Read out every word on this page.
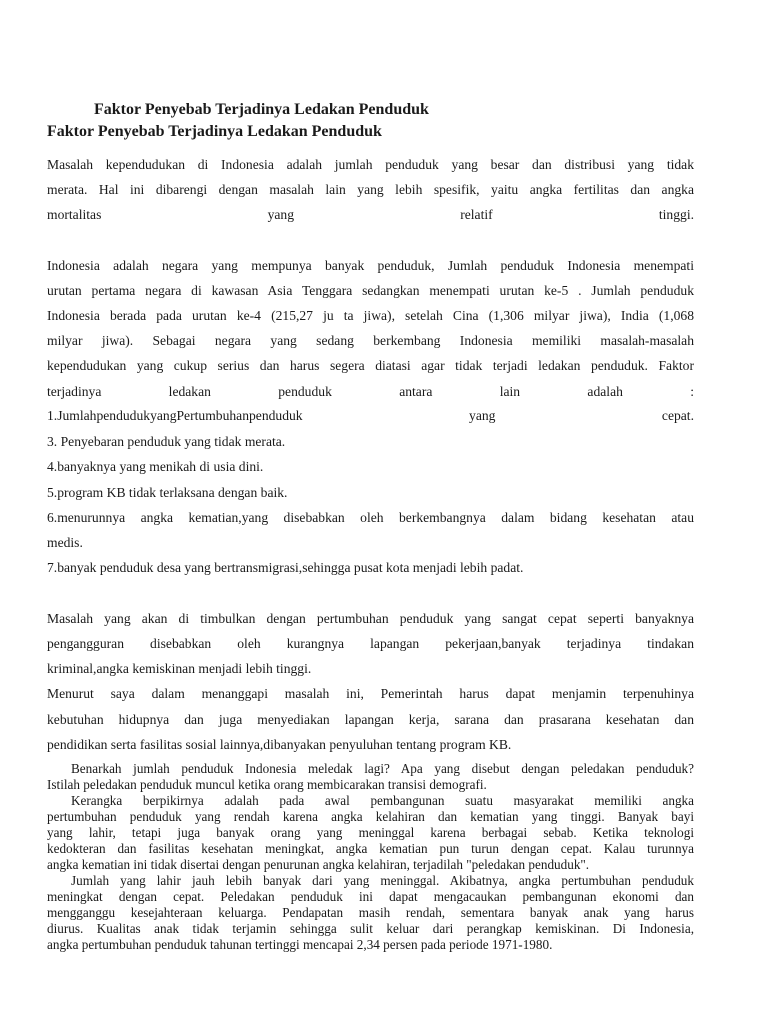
Faktor Penyebab Terjadinya Ledakan Penduduk
Faktor Penyebab Terjadinya Ledakan Penduduk

Masalah kependudukan di Indonesia adalah jumlah penduduk yang besar dan distribusi yang tidak

merata. Hal ini dibarengi dengan masalah lain yang lebih spesifik, yaitu angka fertilitas dan angka

mortalitas yang relatif tinggi.

Indonesia adalah negara yang mempunya banyak penduduk, Jumlah penduduk Indonesia menempati

urutan pertama negara di kawasan Asia Tenggara sedangkan menempati urutan ke-5 . Jumlah penduduk

Indonesia berada pada urutan ke-4 (215,27 ju ta jiwa), setelah Cina (1,306 milyar jiwa), India (1,068

milyar jiwa). Sebagai negara yang sedang berkembang Indonesia memiliki masalah-masalah

kependudukan yang cukup serius dan harus segera diatasi agar tidak terjadi ledakan penduduk. Faktor

terjadinya ledakan penduduk antara lain adalah :

1.JumlahpendudukyangPertumbuhanpenduduk yang cepat.

3. Penyebaran penduduk yang tidak merata.

4.banyaknya yang menikah di usia dini.

5.program KB tidak terlaksana dengan baik.

6.menurunnya angka kematian,yang disebabkan oleh berkembangnya dalam bidang kesehatan atau

medis.

7.banyak penduduk desa yang bertransmigrasi,sehingga pusat kota menjadi lebih padat.

Masalah yang akan di timbulkan dengan pertumbuhan penduduk yang sangat cepat seperti banyaknya

pengangguran disebabkan oleh kurangnya lapangan pekerjaan,banyak terjadinya tindakan

kriminal,angka kemiskinan menjadi lebih tinggi.

Menurut saya dalam menanggapi masalah ini, Pemerintah harus dapat menjamin terpenuhinya

kebutuhan hidupnya dan juga menyediakan lapangan kerja, sarana dan prasarana kesehatan dan

pendidikan serta fasilitas sosial lainnya,dibanyakan penyuluhan tentang program KB.

Benarkah jumlah penduduk Indonesia meledak lagi? Apa yang disebut dengan peledakan penduduk?
Istilah peledakan penduduk muncul ketika orang membicarakan transisi demografi.
Kerangka berpikirnya adalah pada awal pembangunan suatu masyarakat memiliki angka
pertumbuhan penduduk yang rendah karena angka kelahiran dan kematian yang tinggi. Banyak bayi
yang lahir, tetapi juga banyak orang yang meninggal karena berbagai sebab. Ketika teknologi
kedokteran dan fasilitas kesehatan meningkat, angka kematian pun turun dengan cepat. Kalau turunnya
angka kematian ini tidak disertai dengan penurunan angka kelahiran, terjadilah "peledakan penduduk".
Jumlah yang lahir jauh lebih banyak dari yang meninggal. Akibatnya, angka pertumbuhan penduduk
meningkat dengan cepat. Peledakan penduduk ini dapat mengacaukan pembangunan ekonomi dan
mengganggu kesejahteraan keluarga. Pendapatan masih rendah, sementara banyak anak yang harus
diurus. Kualitas anak tidak terjamin sehingga sulit keluar dari perangkap kemiskinan. Di Indonesia,
angka pertumbuhan penduduk tahunan tertinggi mencapai 2,34 persen pada periode 1971-1980.
